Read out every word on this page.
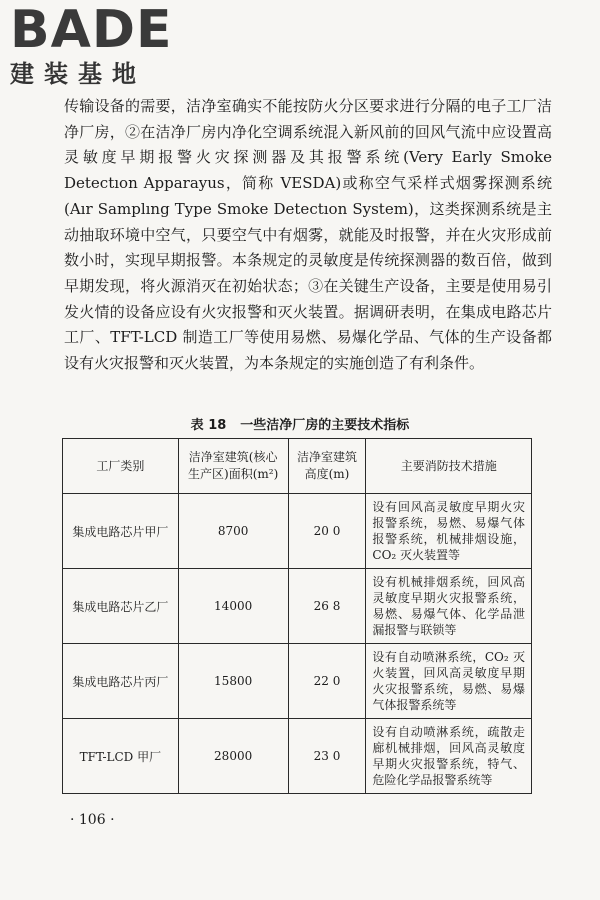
BADE
建装基地

传输设备的需要，洁净室确实不能按防火分区要求进行分隔的电子工厂洁净厂房，②在洁净厂房内净化空调系统混入新风前的回风气流中应设置高灵敏度早期报警火灾探测器及其报警系统(Very Early Smoke Detectıon Apparayus，简称 VESDA)或称空气采样式烟雾探测系统(Aır Samplıng Type Smoke Detectıon System)，这类探测系统是主动抽取环境中空气，只要空气中有烟雾，就能及时报警，并在火灾形成前数小时，实现早期报警。本条规定的灵敏度是传统探测器的数百倍，做到早期发现，将火源消灭在初始状态；③在关键生产设备，主要是使用易引发火情的设备应设有火灾报警和灭火装置。据调研表明，在集成电路芯片工厂、TFT-LCD 制造工厂等使用易燃、易爆化学品、气体的生产设备都设有火灾报警和灭火装置，为本条规定的实施创造了有利条件。

表 18 一些洁净厂房的主要技术指标
工厂类别	洁净室建筑(核心生产区)面积(m²)	洁净室建筑高度(m)	主要消防技术措施
集成电路芯片甲厂	8700	20 0	设有回风高灵敏度早期火灾报警系统，易燃、易爆气体报警系统，机械排烟设施，CO₂ 灭火装置等
集成电路芯片乙厂	14000	26 8	设有机械排烟系统，回风高灵敏度早期火灾报警系统，易燃、易爆气体、化学品泄漏报警与联锁等
集成电路芯片丙厂	15800	22 0	设有自动喷淋系统，CO₂ 灭火装置，回风高灵敏度早期火灾报警系统，易燃、易爆气体报警系统等
TFT-LCD 甲厂	28000	23 0	设有自动喷淋系统，疏散走廊机械排烟，回风高灵敏度早期火灾报警系统，特气、危险化学品报警系统等
· 106 ·
